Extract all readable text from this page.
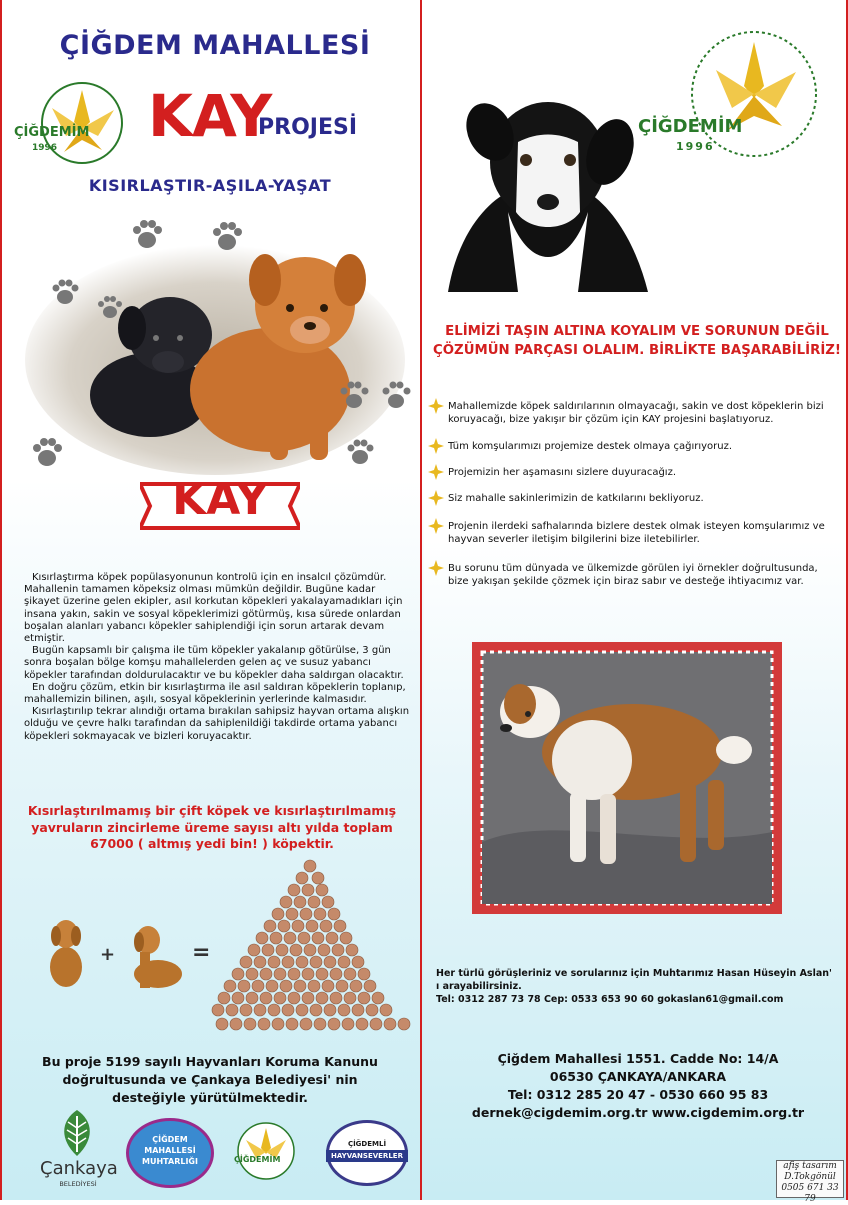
ÇİĞDEM MAHALLESİ
ÇİĞDEMİM
1996 KAY
PROJESİ
KISIRLAŞTIR-AŞILA-YAŞAT
KAY

Kısırlaştırma köpek popülasyonunun kontrolü için en insalcıl çözümdür. Mahallenin tamamen köpeksiz olması mümkün değildir. Bugüne kadar şikayet üzerine gelen ekipler, asıl korkutan köpekleri yakalayamadıkları için insana yakın, sakin ve sosyal köpeklerimizi götürmüş, kısa sürede onlardan boşalan alanları yabancı köpekler sahiplendiği için sorun artarak devam etmiştir.

Bugün kapsamlı bir çalışma ile tüm köpekler yakalanıp götürülse, 3 gün sonra boşalan bölge komşu mahallelerden gelen aç ve susuz yabancı köpekler tarafından doldurulacaktır ve bu köpekler daha saldırgan olacaktır.

En doğru çözüm, etkin bir kısırlaştırma ile asıl saldıran köpeklerin toplanıp, mahallemizin bilinen, aşılı, sosyal köpeklerinin yerlerinde kalmasıdır.

Kısırlaştırılıp tekrar alındığı ortama bırakılan sahipsiz hayvan ortama alışkın olduğu ve çevre halkı tarafından da sahiplenildiği takdirde ortama yabancı köpekleri sokmayacak ve bizleri koruyacaktır.

Kısırlaştırılmamış bir çift köpek ve kısırlaştırılmamış yavruların zincirleme üreme sayısı altı yılda toplam 67000 ( altmış yedi bin! ) köpektir.
+	=
Bu proje 5199 sayılı Hayvanları Koruma Kanunu doğrultusunda ve Çankaya Belediyesi' nin desteğiyle yürütülmektedir.
Çankaya
BELEDİYESİ
ÇİĞDEM
MAHALLESİ
MUHTARLIĞI	ÇİĞDEMİM
ÇİĞDEMLİ
HAYVANSEVERLER
ÇİĞDEMİM
1996
ELİMİZİ TAŞIN ALTINA KOYALIM VE SORUNUN DEĞİL ÇÖZÜMÜN PARÇASI OLALIM. BİRLİKTE BAŞARABİLİRİZ!
Mahallemizde köpek saldırılarının olmayacağı, sakin ve dost köpeklerin bizi koruyacağı, bize yakışır bir çözüm için KAY projesini başlatıyoruz.
Tüm komşularımızı projemize destek olmaya çağırıyoruz.
Projemizin her aşamasını sizlere duyuracağız.
Siz mahalle sakinlerimizin de katkılarını bekliyoruz.
Projenin ilerdeki safhalarında bizlere destek olmak isteyen komşularımız ve hayvan severler iletişim bilgilerini bize iletebilirler.
Bu sorunu tüm dünyada ve ülkemizde görülen iyi örnekler doğrultusunda, bize yakışan şekilde çözmek için biraz sabır ve desteğe ihtiyacımız var.
Her türlü görüşleriniz ve sorularınız için Muhtarımız Hasan Hüseyin Aslan' ı arayabilirsiniz.
Tel: 0312 287 73 78 Cep: 0533 653 90 60 gokaslan61@gmail.com
Çiğdem Mahallesi 1551. Cadde No: 14/A
06530 ÇANKAYA/ANKARA
Tel: 0312 285 20 47 - 0530 660 95 83
dernek@cigdemim.org.tr www.cigdemim.org.tr
afiş tasarım
D.Tokgönül
0505 671 33 79
